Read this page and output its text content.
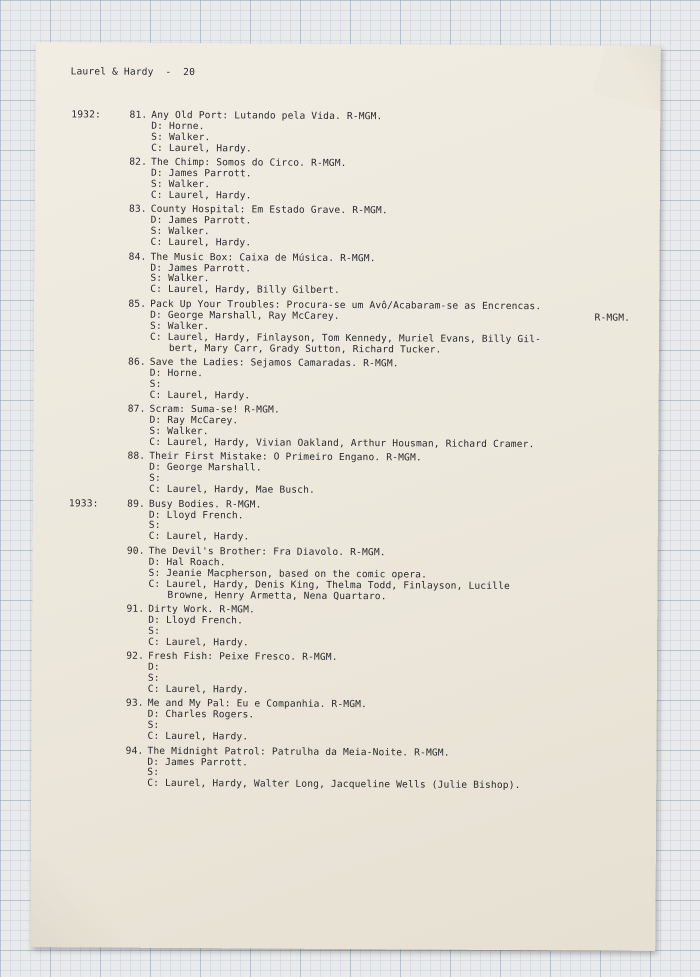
Laurel & Hardy  -  20
1932:	81. Any Old Port: Lutando pela Vida. R-MGM.
D: Horne.
S: Walker.
C: Laurel, Hardy.
82. The Chimp: Somos do Circo. R-MGM.
D: James Parrott.
S: Walker.
C: Laurel, Hardy.
83. County Hospital: Em Estado Grave. R-MGM.
D: James Parrott.
S: Walker.
C: Laurel, Hardy.
84. The Music Box: Caixa de Música. R-MGM.
D: James Parrott.
S: Walker.
C: Laurel, Hardy, Billy Gilbert.
85. Pack Up Your Troubles: Procura-se um Avô/Acabaram-se as Encrencas.
R-MGM.
D: George Marshall, Ray McCarey.
S: Walker.
C: Laurel, Hardy, Finlayson, Tom Kennedy, Muriel Evans, Billy Gil-
bert, Mary Carr, Grady Sutton, Richard Tucker.
86. Save the Ladies: Sejamos Camaradas. R-MGM.
D: Horne.
S:
C: Laurel, Hardy.
87. Scram: Suma-se! R-MGM.
D: Ray McCarey.
S: Walker.
C: Laurel, Hardy, Vivian Oakland, Arthur Housman, Richard Cramer.
88. Their First Mistake: O Primeiro Engano. R-MGM.
D: George Marshall.
S:
C: Laurel, Hardy, Mae Busch.
1933:	89. Busy Bodies. R-MGM.
D: Lloyd French.
S:
C: Laurel, Hardy.
90. The Devil's Brother: Fra Diavolo. R-MGM.
D: Hal Roach.
S: Jeanie Macpherson, based on the comic opera.
C: Laurel, Hardy, Denis King, Thelma Todd, Finlayson, Lucille
Browne, Henry Armetta, Nena Quartaro.
91. Dirty Work. R-MGM.
D: Lloyd French.
S:
C: Laurel, Hardy.
92. Fresh Fish: Peixe Fresco. R-MGM.
D:
S:
C: Laurel, Hardy.
93. Me and My Pal: Eu e Companhia. R-MGM.
D: Charles Rogers.
S:
C: Laurel, Hardy.
94. The Midnight Patrol: Patrulha da Meia-Noite. R-MGM.
D: James Parrott.
S:
C: Laurel, Hardy, Walter Long, Jacqueline Wells (Julie Bishop).
